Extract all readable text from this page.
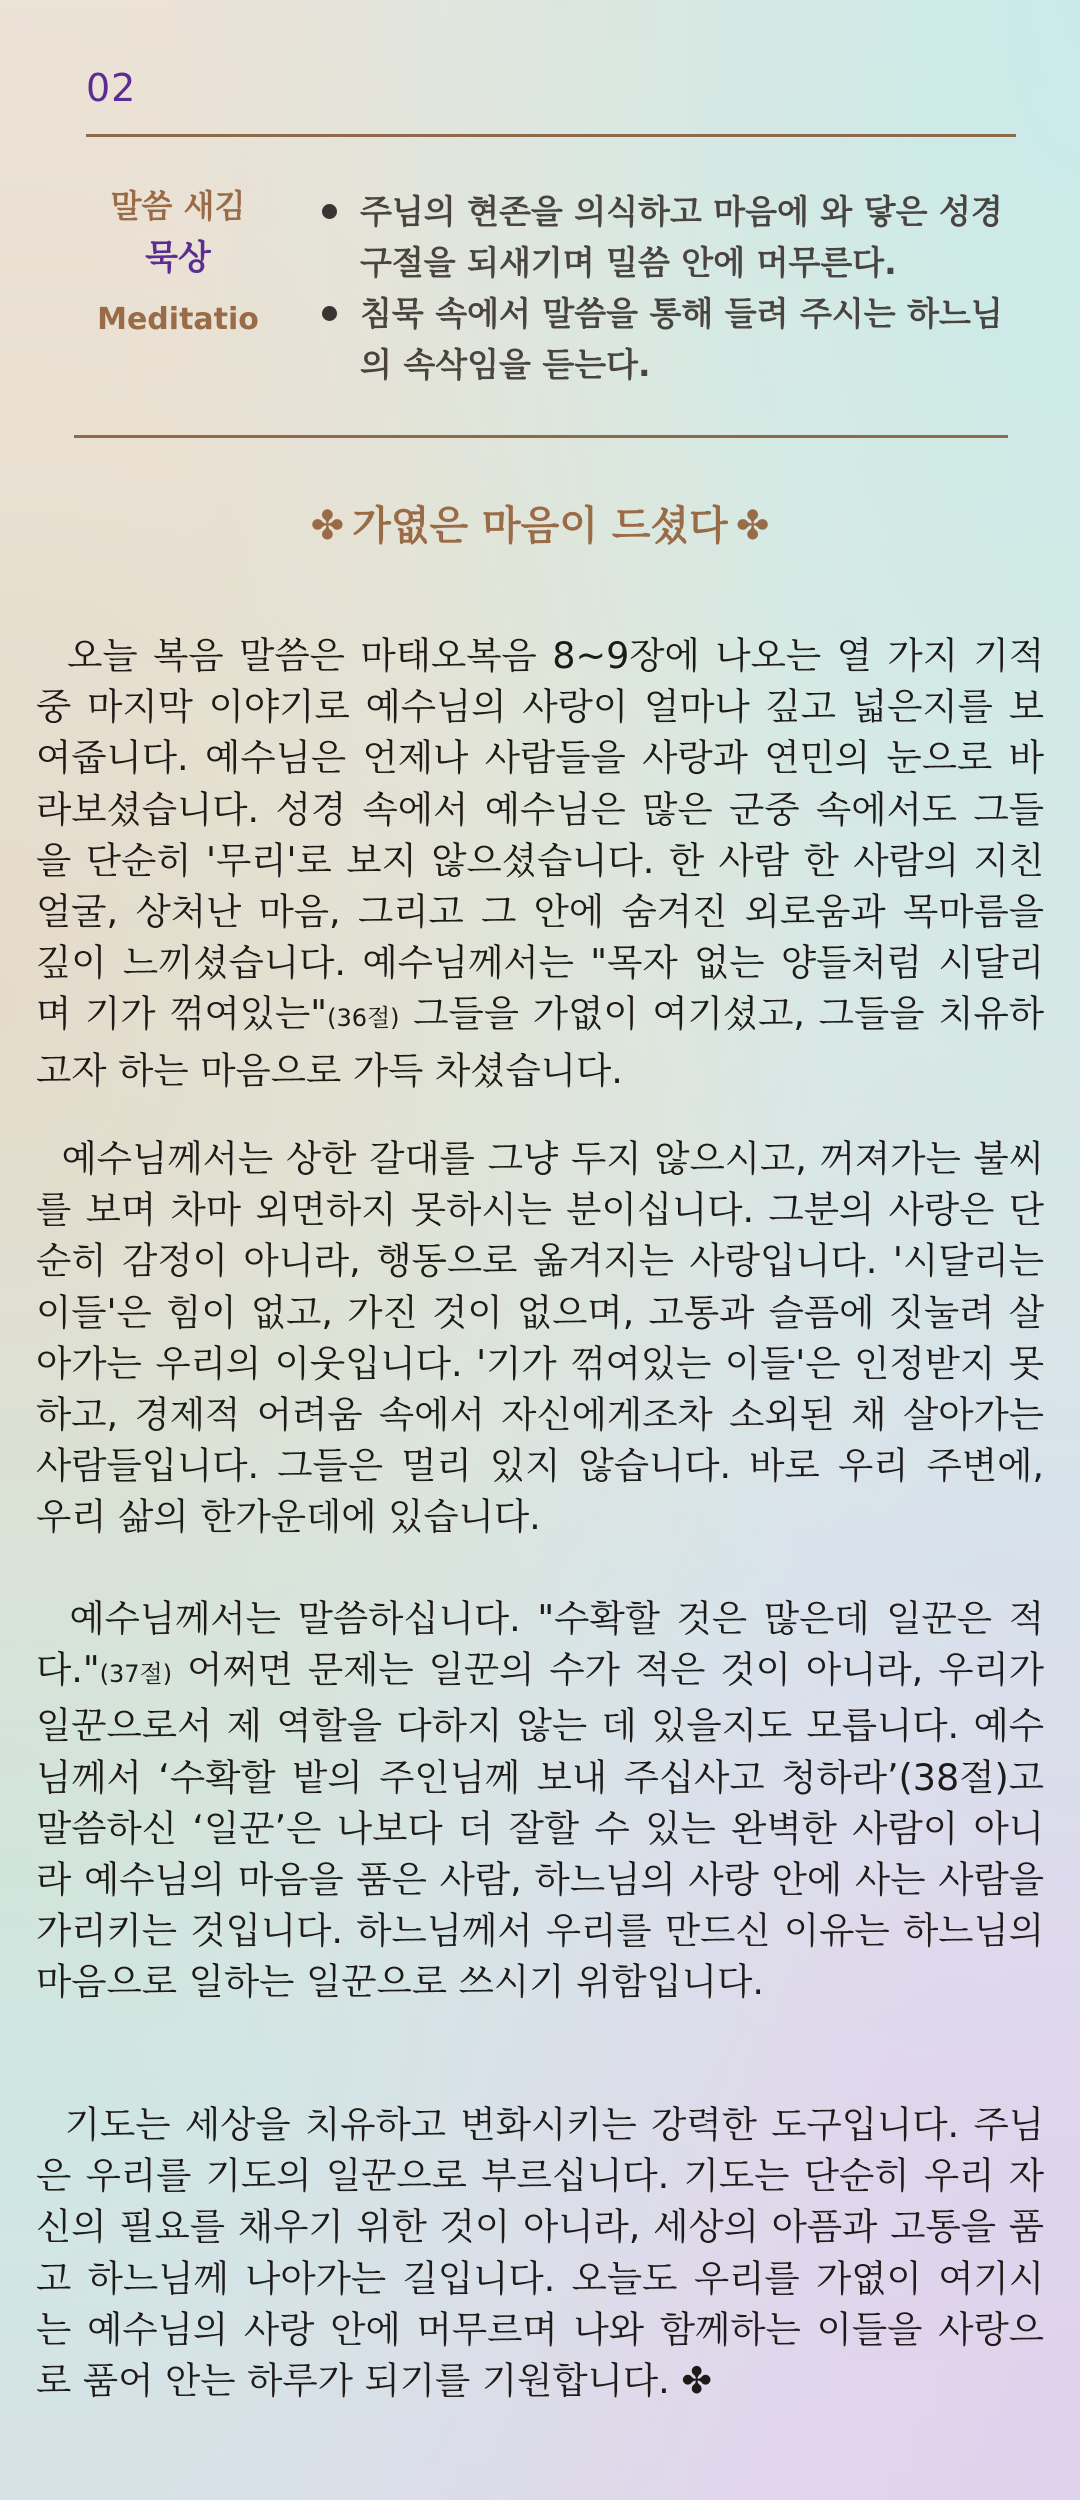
02
말씀 새김
묵상
Meditatio
주님의 현존을 의식하고 마음에 와 닿은 성경구절을 되새기며 밀씀 안에 머무른다.
침묵 속에서 말씀을 통해 들려 주시는 하느님의 속삭임을 듣는다.
✤ 가엾은 마음이 드셨다 ✤
오늘 복음 말씀은 마태오복음 8~9장에 나오는 열 가지 기적 중 마지막 이야기로 예수님의 사랑이 얼마나 깊고 넓은지를 보여줍니다. 예수님은 언제나 사람들을 사랑과 연민의 눈으로 바라보셨습니다. 성경 속에서 예수님은 많은 군중 속에서도 그들을 단순히 '무리'로 보지 않으셨습니다. 한 사람 한 사람의 지친 얼굴, 상처난 마음, 그리고 그 안에 숨겨진 외로움과 목마름을 깊이 느끼셨습니다. 예수님께서는 "목자 없는 양들처럼 시달리며 기가 꺾여있는"(36절) 그들을 가엾이 여기셨고, 그들을 치유하고자 하는 마음으로 가득 차셨습니다.
예수님께서는 상한 갈대를 그냥 두지 않으시고, 꺼져가는 불씨를 보며 차마 외면하지 못하시는 분이십니다. 그분의 사랑은 단순히 감정이 아니라, 행동으로 옮겨지는 사랑입니다. '시달리는 이들'은 힘이 없고, 가진 것이 없으며, 고통과 슬픔에 짓눌려 살아가는 우리의 이웃입니다. '기가 꺾여있는 이들'은 인정받지 못하고, 경제적 어려움 속에서 자신에게조차 소외된 채 살아가는 사람들입니다. 그들은 멀리 있지 않습니다. 바로 우리 주변에, 우리 삶의 한가운데에 있습니다.
예수님께서는 말씀하십니다. "수확할 것은 많은데 일꾼은 적다."(37절) 어쩌면 문제는 일꾼의 수가 적은 것이 아니라, 우리가 일꾼으로서 제 역할을 다하지 않는 데 있을지도 모릅니다. 예수님께서 ‘수확할 밭의 주인님께 보내 주십사고 청하라’(38절)고 말씀하신 ‘일꾼’은 나보다 더 잘할 수 있는 완벽한 사람이 아니라 예수님의 마음을 품은 사람, 하느님의 사랑 안에 사는 사람을 가리키는 것입니다. 하느님께서 우리를 만드신 이유는 하느님의 마음으로 일하는 일꾼으로 쓰시기 위함입니다.
기도는 세상을 치유하고 변화시키는 강력한 도구입니다. 주님은 우리를 기도의 일꾼으로 부르십니다. 기도는 단순히 우리 자신의 필요를 채우기 위한 것이 아니라, 세상의 아픔과 고통을 품고 하느님께 나아가는 길입니다. 오늘도 우리를 가엾이 여기시는 예수님의 사랑 안에 머무르며 나와 함께하는 이들을 사랑으로 품어 안는 하루가 되기를 기원합니다. ✤
